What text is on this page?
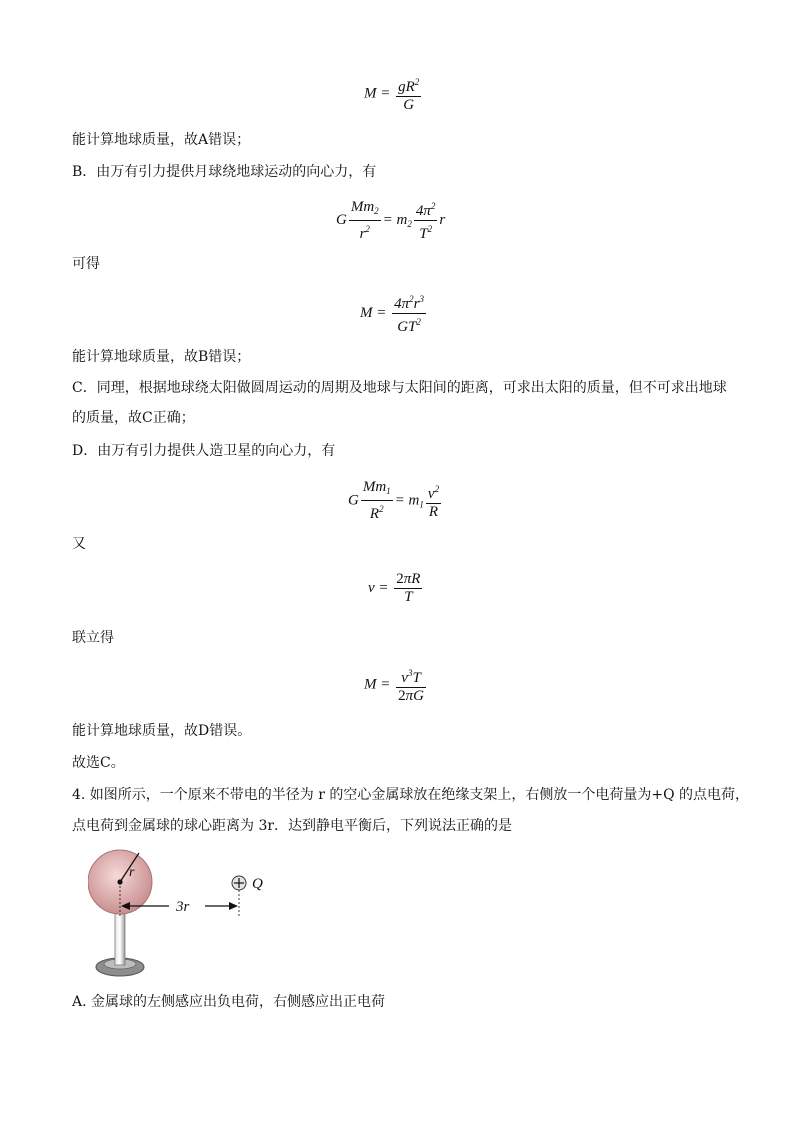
$M = \frac{gR^2}{G}$
能计算地球质量，故A错误；
B．由万有引力提供月球绕地球运动的向心力，有
G $\frac{Mm_2}{r^2} = m_2 \frac{4\pi^2}{T^2}$ r
可得
$M = \frac{4\pi^2r^3}{GT^2}$
能计算地球质量，故B错误；
C．同理，根据地球绕太阳做圆周运动的周期及地球与太阳间的距离，可求出太阳的质量，但不可求出地球
的质量，故C正确；
D．由万有引力提供人造卫星的向心力，有
G $\frac{Mm_1}{R^2} = m_1 \frac{v^2}{R}$
又
$v = \frac{2\pi R}{T}$
联立得
$M = \frac{v^3T}{2\pi G}$
能计算地球质量，故D错误。
故选C。
4. 如图所示，一个原来不带电的半径为 r 的空心金属球放在绝缘支架上，右侧放一个电荷量为+Q 的点电荷，
点电荷到金属球的球心距离为 3r．达到静电平衡后，下列说法正确的是
r
3r
Q
A. 金属球的左侧感应出负电荷，右侧感应出正电荷
